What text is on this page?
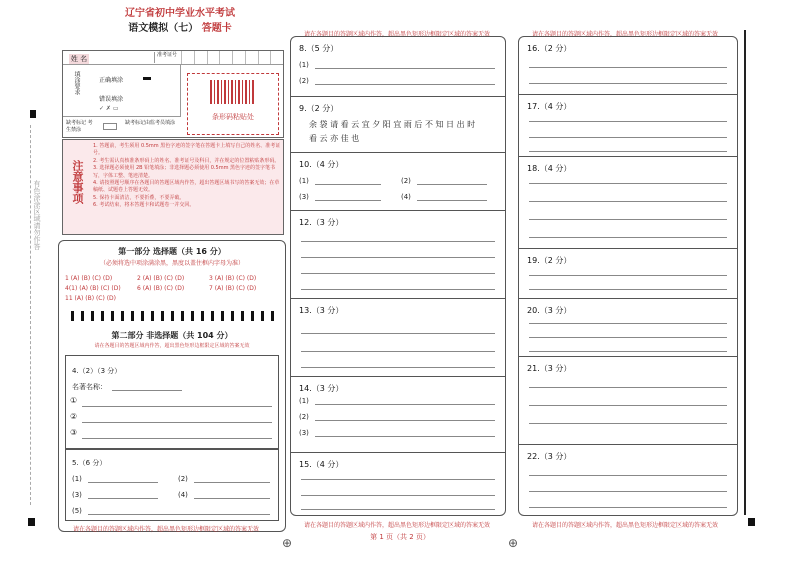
有色涂涂区域请勿作答
辽宁省初中学业水平考试
语文模拟（七） 答题卡
姓 名	准考证号
填涂要求	正确填涂
错误填涂
✓ ✗ ▭
缺考标记 考生禁涂
缺考标记由监考员填涂
条形码粘贴处
注意事项
1. 答题前，考生须用 0.5mm 黑色字迹的签字笔在答题卡上填写自己的姓名、准考证号。
2. 考生需认真核准条形码上的姓名、准考证号及科目，并在规定的位置粘贴条形码。
3. 选择题必须使用 2B 铅笔填涂；非选择题必须使用 0.5mm 黑色字迹的签字笔书写，字体工整、笔迹清楚。
4. 请按照题号顺序在各题目的答题区域内作答，超出答题区域书写的答案无效；在草稿纸、试题卷上答题无效。
5. 保持卡面清洁，不要折叠，不要弄破。
6. 考试结束，将本答题卡和试题卷一并交回。
第一部分 选择题（共 16 分）
（必须将选中项涂满涂黑，黑度以盖住框内字母为准）
1 (A) (B) (C) (D)	2 (A) (B) (C) (D)	3 (A) (B) (C) (D)
4(1) (A) (B) (C) (D)	6 (A) (B) (C) (D)	7 (A) (B) (C) (D)
11 (A) (B) (C) (D)
第二部分 非选择题（共 104 分）
请在各题目的答题区域内作答，超出黑色矩形边框限定区域的答案无效
4.（2）（3 分）
名著名称：
①
②
③
5.（6 分）
(1)	(2)
(3)	(4)
(5)
请在各题目的答题区域内作答，超出黑色矩形边框限定区域的答案无效
请在各题目的答题区域内作答，超出黑色矩形边框限定区域的答案无效
8.（5 分）
(1)
(2)
9.（2 分）
余 袋 请 看 云 宜 夕 阳 宜 雨 后 不 知 日 出 时
看 云 亦 佳 也
10.（4 分）
(1)	(2)
(3)	(4)
12.（3 分）
13.（3 分）
14.（3 分）
(1)
(2)
(3)
15.（4 分）
请在各题目的答题区域内作答，超出黑色矩形边框限定区域的答案无效
第 1 页（共 2 页）
请在各题目的答题区域内作答，超出黑色矩形边框限定区域的答案无效
16.（2 分）
17.（4 分）
18.（4 分）
19.（2 分）
20.（3 分）
21.（3 分）
22.（3 分）
请在各题目的答题区域内作答，超出黑色矩形边框限定区域的答案无效
⊕	⊕
